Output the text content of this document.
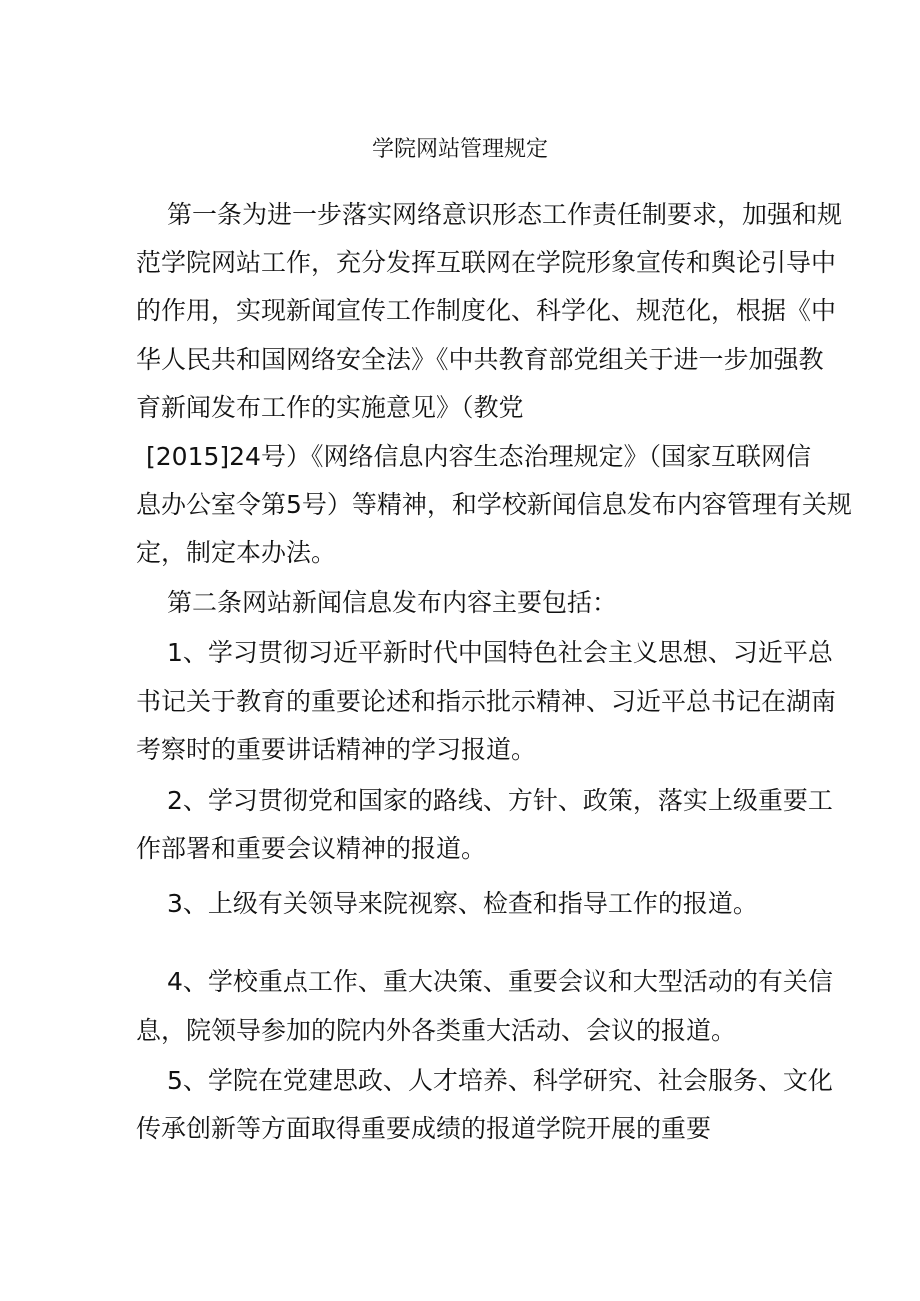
学院网站管理规定
第一条为进一步落实网络意识形态工作责任制要求，加强和规
范学院网站工作，充分发挥互联网在学院形象宣传和舆论引导中
的作用，实现新闻宣传工作制度化、科学化、规范化，根据《中
华人民共和国网络安全法》《中共教育部党组关于进一步加强教
育新闻发布工作的实施意见》（教党
[2015]24号）《网络信息内容生态治理规定》（国家互联网信
息办公室令第5号）等精神，和学校新闻信息发布内容管理有关规
定，制定本办法。
第二条网站新闻信息发布内容主要包括：
1、学习贯彻习近平新时代中国特色社会主义思想、习近平总
书记关于教育的重要论述和指示批示精神、习近平总书记在湖南
考察时的重要讲话精神的学习报道。
2、学习贯彻党和国家的路线、方针、政策，落实上级重要工
作部署和重要会议精神的报道。
3、上级有关领导来院视察、检查和指导工作的报道。
4、学校重点工作、重大决策、重要会议和大型活动的有关信
息，院领导参加的院内外各类重大活动、会议的报道。
5、学院在党建思政、人才培养、科学研究、社会服务、文化
传承创新等方面取得重要成绩的报道学院开展的重要
